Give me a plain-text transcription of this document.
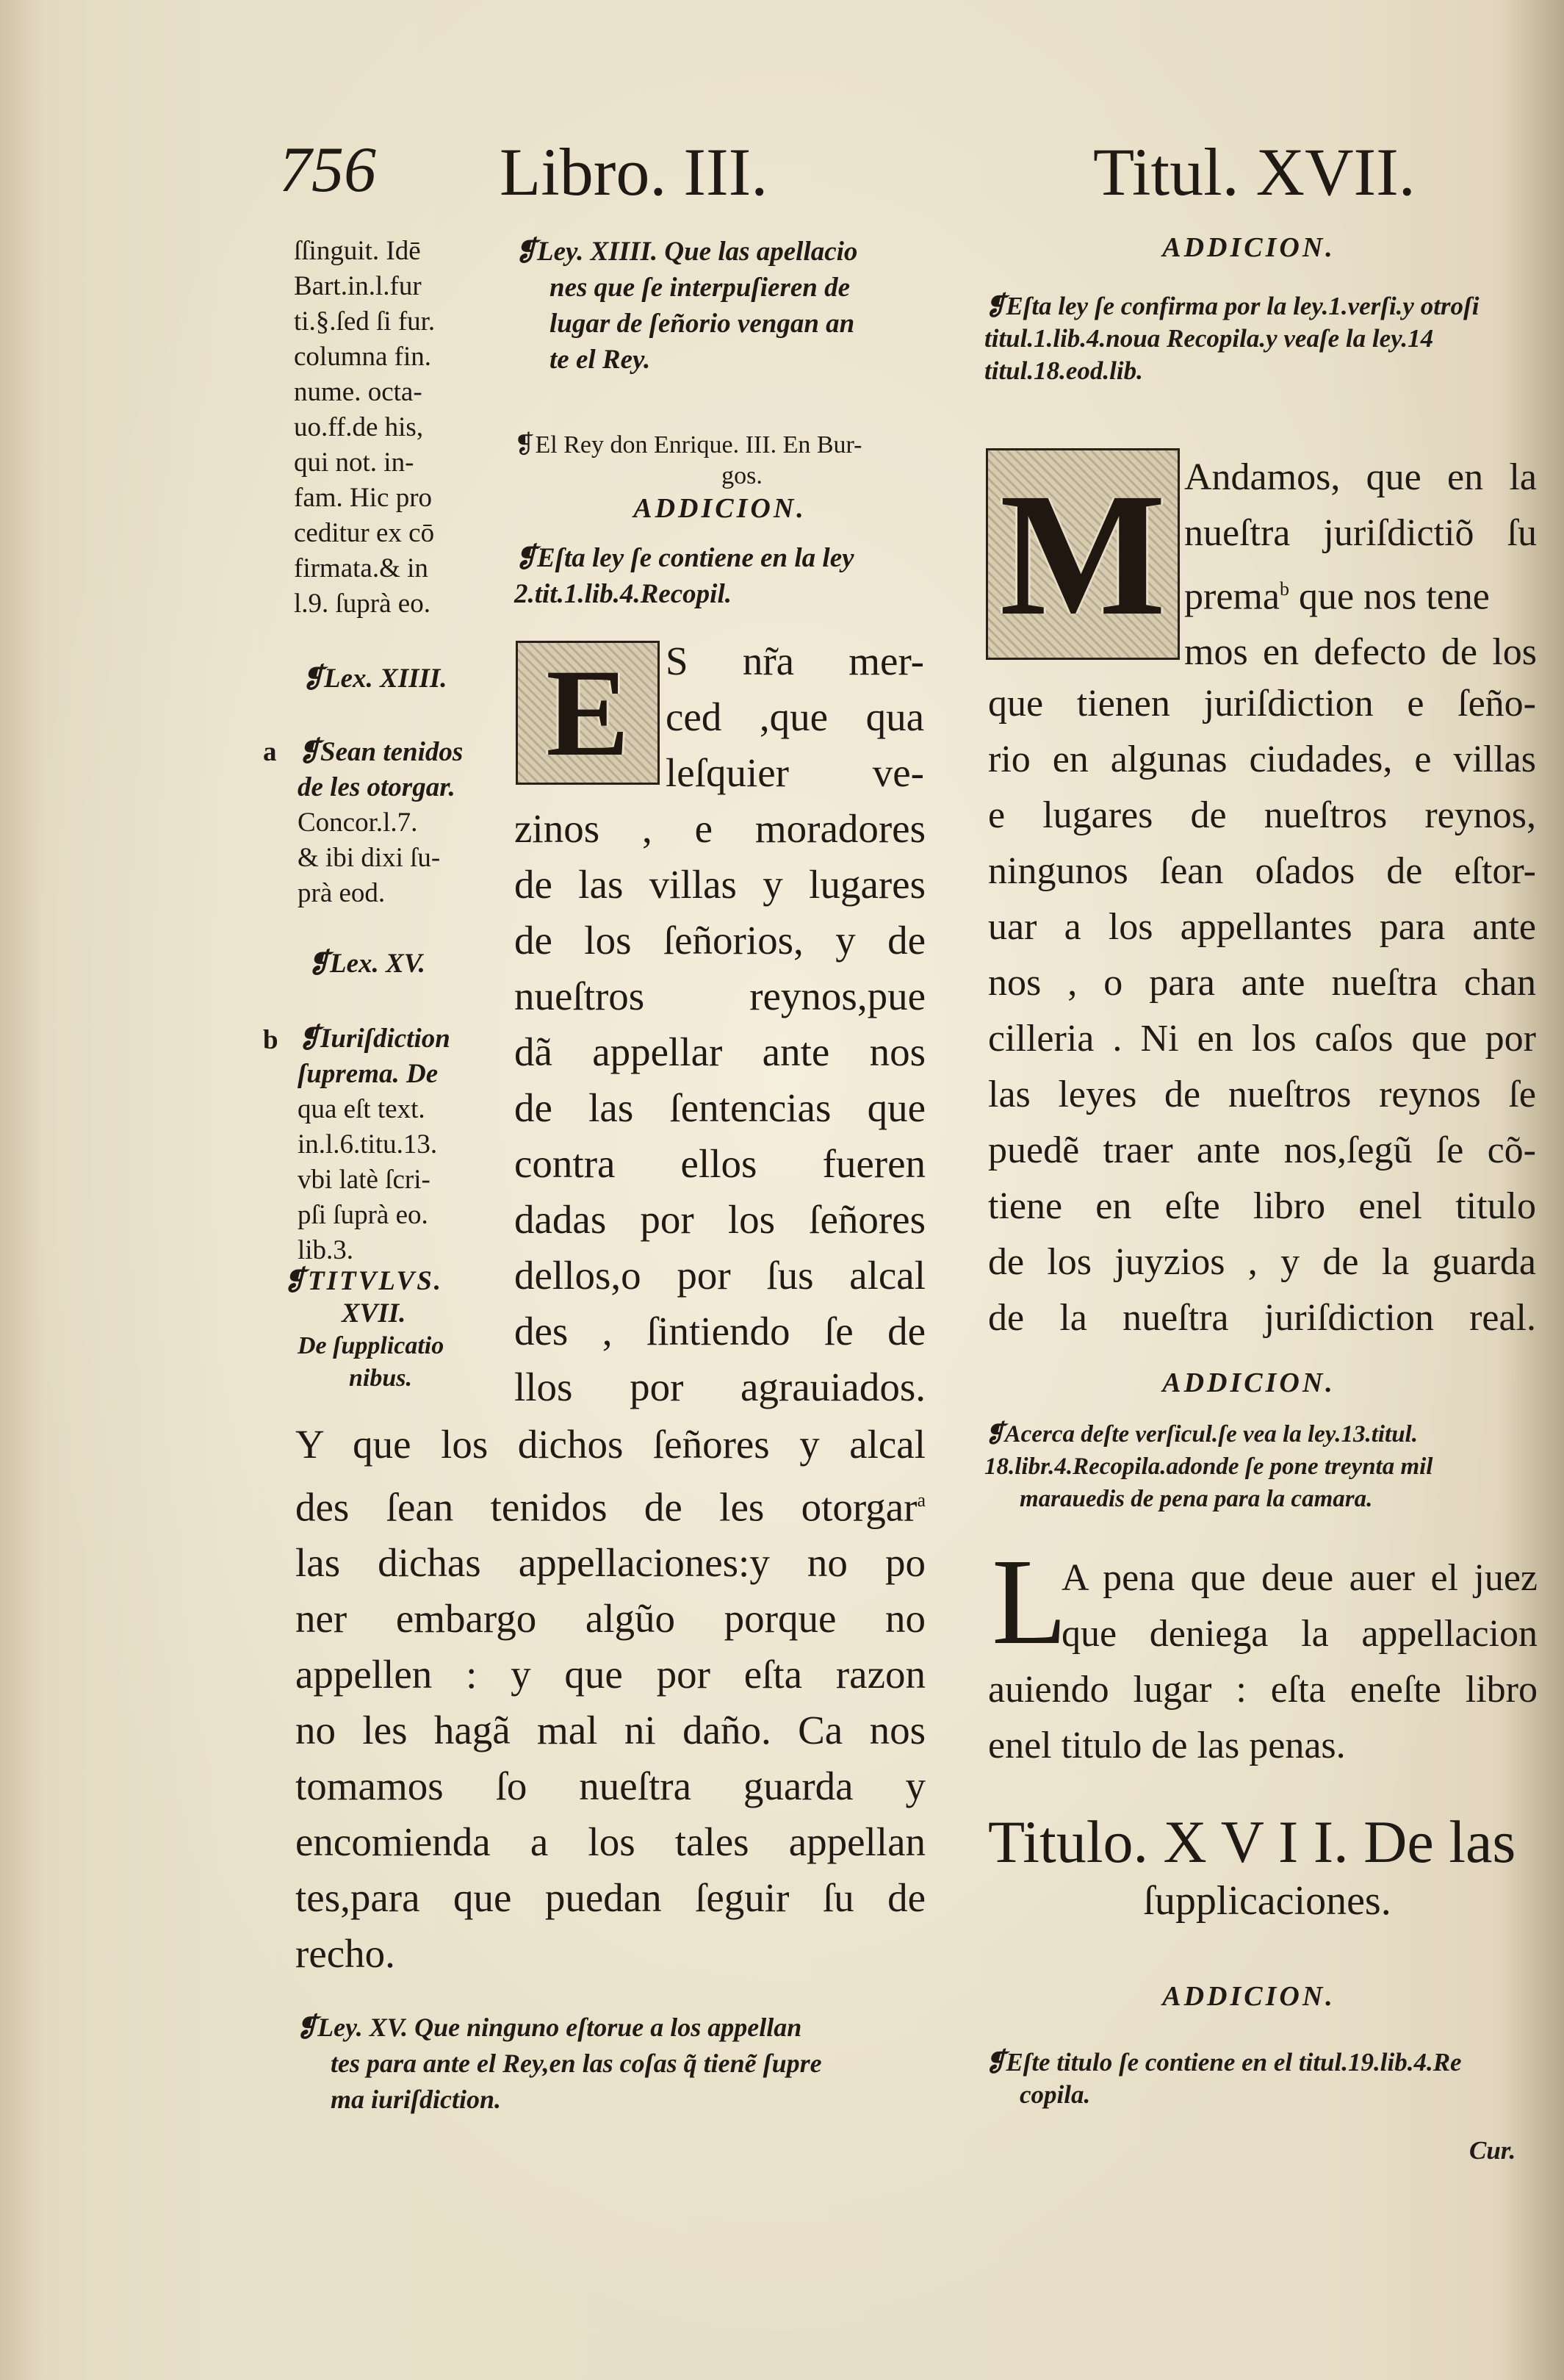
756 Libro. III.	Titul. XVII.
ſſinguit. Idē
Bart.in.l.fur
ti.§.ſed ſi fur.
columna fin.
nume. octa-
uo.ff.de his,
qui not. in-
fam. Hic pro
ceditur ex cō
firmata.& in
l.9. ſuprà eo.
❡Lex. XIIII.
a ❡Sean tenidos
de les otorgar.
Concor.l.7.
& ibi dixi ſu-
prà eod.
❡Lex. XV.
b ❡Iuriſdiction
ſuprema. De
qua eſt text.
in.l.6.titu.13.
vbi latè ſcri-
pſi ſuprà eo.
lib.3.
❡TITVLVS.
XVII.
De ſupplicatio
nibus.
❡Ley. XIIII. Que las apellacio
nes que ſe interpuſieren de
lugar de ſeñorio vengan an
te el Rey.
❡El Rey don Enrique. III. En Bur-
gos.
ADDICION.
❡Eſta ley ſe contiene en la ley
2.tit.1.lib.4.Recopil.
E S nr̃a mer-
ced ,que qua
leſquier ve-
zinos , e moradores
de las villas y lugares
de los ſeñorios, y de
nueſtros reynos,pue
dã appellar ante nos
de las ſentencias que
contra ellos fueren
dadas por los ſeñores
dellos,o por ſus alcal
des , ſintiendo ſe de
llos por agrauiados.
Y que los dichos ſeñores y alcal
des ſean tenidos de les otorgar$^a$
las dichas appellaciones:y no po
ner embargo algũo porque no
appellen : y que por eſta razon
no les hagã mal ni daño. Ca nos
tomamos ſo nueſtra guarda y
encomienda a los tales appellan
tes,para que puedan ſeguir ſu de
recho.
❡Ley. XV. Que ninguno eſtorue a los appellan
tes para ante el Rey,en las coſas q̃ tienẽ ſupre
ma iuriſdiction.
ADDICION.
❡Eſta ley ſe confirma por la ley.1.verſi.y otroſi
titul.1.lib.4.noua Recopila.y veaſe la ley.14
titul.18.eod.lib.
M Andamos, que en la
nueſtra juriſdictiõ ſu
prema$^b$ que nos tene
mos en defecto de los
que tienen juriſdiction e ſeño-
rio en algunas ciudades, e villas
e lugares de nueſtros reynos,
ningunos ſean oſados de eſtor-
uar a los appellantes para ante
nos , o para ante nueſtra chan
cilleria . Ni en los caſos que por
las leyes de nueſtros reynos ſe
puedẽ traer ante nos,ſegũ ſe cõ-
tiene en eſte libro enel titulo
de los juyzios , y de la guarda
de la nueſtra juriſdiction real.
ADDICION.
❡Acerca deſte verſicul.ſe vea la ley.13.titul.
18.libr.4.Recopila.adonde ſe pone treynta mil
marauedis de pena para la camara.
L
A pena que deue auer el juez
que deniega la appellacion
auiendo lugar : eſta eneſte libro
enel titulo de las penas.
Titulo. X V I I. De las
ſupplicaciones.
ADDICION.
❡Eſte titulo ſe contiene en el titul.19.lib.4.Re
copila.
Cur.
